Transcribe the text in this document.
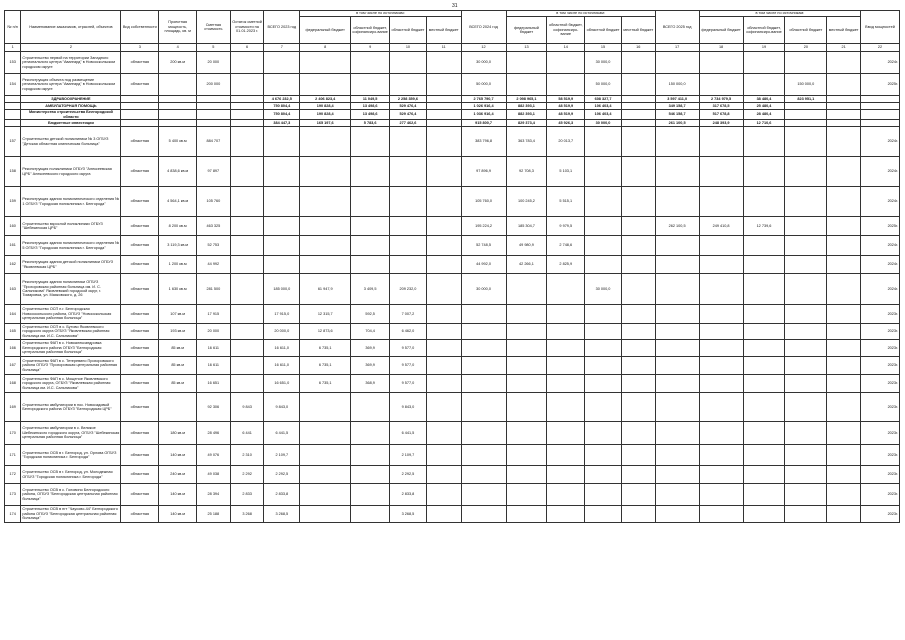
31
№ п/п	Наименование заказчиков, отраслей, объектов	Вид собственности	Проектная мощность, площадь, кв. м	Сметная стоимость	Остаток сметной стоимости на 01.01.2023 г.	ВСЕГО 2023 год	в том числе по источникам:				ВСЕГО 2024 год	в том числе по источникам:				ВСЕГО 2025 год	в том числе по источникам:				Ввод мощностей
							федеральный бюджет	областной бюджет, софинансиро-вание	областной бюджет	местный бюджет		федеральный бюджет	областной бюджет, софинансиро-вание	областной бюджет	местный бюджет		федеральный бюджет	областной бюджет, софинансиро-вание	областной бюджет	местный бюджет	
1	2	3	4	5	6	7	8	9	10	11	12	13	14	15	16	17	18	19	20	21	22
153	Строительство первой на территории Западного регионального центра "Авангард" в Новооскольском городском округе	областная	200 кв.м	20 000							30 000,0			30 000,0							2024г.
154	Реконструкция объекта под размещение регионального центра "Авангард" в Новооскольском городском округе	областная		200 000							50 000,0			50 000,0		150 000,0			150 000,0		2025г.
	ЗДРАВООХРАНЕНИЕ					4 676 232,5	2 406 823,4	11 049,5	2 258 359,6		2 765 790,7	2 098 965,1	58 519,9	608 327,7		3 597 411,0	2 734 979,5	38 480,4	823 951,1		
	АМБУЛАТОРНАЯ ПОМОЩЬ					750 804,4	190 828,4	13 498,6	529 476,4		1 026 916,4	882 393,1	48 519,9	106 403,4		349 158,7	317 678,5	25 480,4			
	Министерство строительства Белгородской области					750 804,4	190 828,4	13 498,6	529 476,4		1 036 916,4	882 393,1	48 519,9	106 403,4		546 158,7	517 678,8	28 480,4			
	Бюджетные инвестиции					384 447,3	165 197,6	5 783,6	277 462,6		915 800,7	829 373,4	45 926,3	30 000,0		261 100,5	248 393,9	12 710,6			
157	Строительство детской поликлиники № 3 ОГБУЗ "Детская областная клиническая больница"	областная	5 400 кв.м	884 707							383 796,8	363 783,4	20 013,7								2024г.
158	Реконструкция поликлиники ОГБУЗ "Алексеевская ЦРБ" Алексеевского городского округа	областная	4 838,6 кв.м	97 897							97 896,9	92 708,3	5 103,1								2024г.
159	Реконструкция здания поликлинического отделения № 1 ОГБУЗ "Городская поликлиника г. Белгорода"	областная	4 564,1 кв.м	105 760							105 760,0	100 245,2	5 515,1								2024г.
160	Строительство взрослой поликлиники ОГБУЗ "Шебекинская ЦРБ"	областная	8 200 кв.м	463 325							195 224,2	185 304,7	9 979,5			262 100,5	249 410,8	12 739,6			2025г.
161	Реконструкция здания поликлинического отделения № 5 ОГБУЗ "Городская поликлиника г. Белгорода"	областная	3 119,3 кв.м	52 753							52 748,5	49 980,9	2 748,6								2024г.
162	Реконструкция здания детской поликлиники ОГБУЗ "Яковлевская ЦРБ"	областная	1 200 кв.м	44 992							44 992,0	42 266,1	2 825,9								2024г.
163	Реконструкция здания поликлиники ОГБУЗ "Прохоровская районная больница им. И. С. Сальникова" Яковлевский городской округ, г. Томаровка, ул. Маяковского, д. 26	областная	1 630 кв.м	281 500		185 000,0	61 947,9	3 409,5	209 232,0		30 000,0			30 000,0							2024г.
164	Строительство ОСП п.г. Белгородская Новооскольского района, ОГБУЗ "Новооскольская центральная районная больница"	областная	107 кв.м	17 915		17 915,0	12 315,7	592,5	7 007,2												2023г.
165	Строительство ОСП в с. Бутово Яковлевского городского округа ОГБУЗ "Яковлевская районная больница им. И.С. Сальникова"	областная	193 кв.м	20 000		20 000,0	12 873,6	704,4	6 462,0												2023г.
166	Строительство ФАП в с. Новоалександровка Белгородского района ОГБУЗ "Белгородская центральная районная больница"	областная	85 кв.м	16 611		16 611,0	6 735,1	369,9	9 577,0												2023г.
167	Строительство ФАП в с. Тетеревино Прохоровского района ОГБУЗ "Прохоровская центральная районная больница"	областная	85 кв.м	16 611		16 611,0	6 735,1	369,9	9 577,0												2023г.
168	Строительство ФАП в с. Мощеное Яковлевского городского округа, ОГБУЗ "Яковлевская районная больница им. И.С. Сальникова"	областная	85 кв.м	16 651		16 651,0	6 735,1	368,9	9 577,0												2023г.
169	Строительство амбулатории в пос. Новосадовый Белгородского района ОГБУЗ "Белгородская ЦРБ"	областная		92 306	9 843	9 843,0			9 843,0												2023г.
170	Строительство амбулатории в с. Великое Шебекинского городского округа, ОГБУЗ "Шебекинская центральная районная больница"	областная	180 кв.м	28 496	6 441	6 441,5			6 441,5												2023г.
171	Строительство ОСВ в г. Белгород, ул. Орлова ОГБУЗ "Городская поликлиника г. Белгорода"	областная	140 кв.м	49 076	2 310	2 109,7			2 109,7												2023г.
172	Строительство ОСВ в г. Белгород, ул. Молодежная ОГБУЗ "Городская поликлиника г. Белгорода"	областная	240 кв.м	49 038	2 292	2 292,5			2 292,5												2023г.
173	Строительство ОСВ в с. Головино Белгородского района, ОГБУЗ "Белгородская центральная районная больница"	областная	140 кв.м	28 394	2 833	2 833,8			2 833,8												2023г.
174	Строительство ОСВ в пгт "Чаусово-44" Белгородского района ОГБУЗ "Белгородская центральная районная больница"	областная	140 кв.м	25 188	3 268	3 268,5			3 268,5												2023г.
